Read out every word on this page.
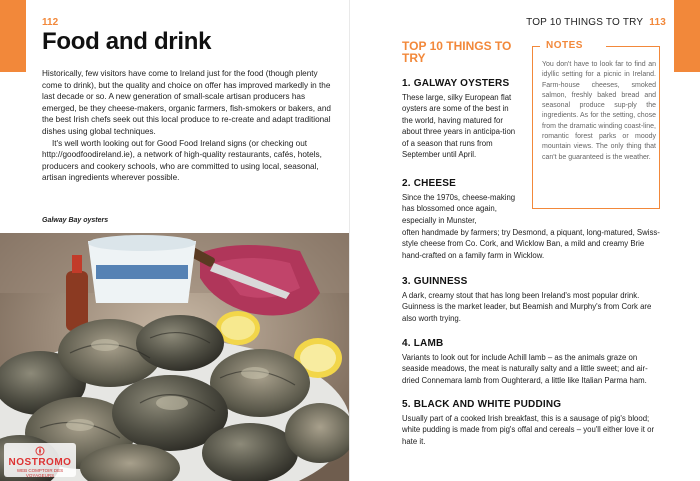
112
Food and drink

Historically, few visitors have come to Ireland just for the food (though plenty come to drink), but the quality and choice on offer has improved markedly in the last decade or so. A new generation of small-scale artisan producers has emerged, be they cheese-makers, organic farmers, fish-smokers or bakers, and the best Irish chefs seek out this local produce to re-create and adapt traditional dishes using global techniques.

It's well worth looking out for Good Food Ireland signs (or checking out http://goodfoodireland.ie), a network of high-quality restaurants, cafés, hotels, producers and cookery schools, who are committed to using local, seasonal, artisan ingredients wherever possible.

Galway Bay oysters
NOSTROMO
WEB COMPTOIR DES VOYAGEURS
TOP 10 THINGS TO TRY 113
TOP 10 THINGS TO TRY
NOTES

You don't have to look far to find an idyllic setting for a picnic in Ireland. Farm-house cheeses, smoked salmon, freshly baked bread and seasonal produce sup-ply the ingredients. As for the setting, chose from the dramatic winding coast-line, romantic forest parks or moody mountain views. The only thing that can't be guaranteed is the weather.

1. GALWAY OYSTERS

These large, silky European flat oysters are some of the best in the world, having matured for about three years in anticipa-tion of a season that runs from September until April.

2. CHEESE

Since the 1970s, cheese-making has blossomed once again, especially in Munster,

often handmade by farmers; try Desmond, a piquant, long-matured, Swiss-style cheese from Co. Cork, and Wicklow Ban, a mild and creamy Brie hand-crafted on a family farm in Wicklow.

3. GUINNESS

A dark, creamy stout that has long been Ireland's most popular drink. Guinness is the market leader, but Beamish and Murphy's from Cork are also worth trying.

4. LAMB

Variants to look out for include Achill lamb – as the animals graze on seaside meadows, the meat is naturally salty and a little sweet; and air-dried Connemara lamb from Oughterard, a little like Italian Parma ham.

5. BLACK AND WHITE PUDDING

Usually part of a cooked Irish breakfast, this is a sausage of pig's blood; white pudding is made from pig's offal and cereals – you'll either love it or hate it.
